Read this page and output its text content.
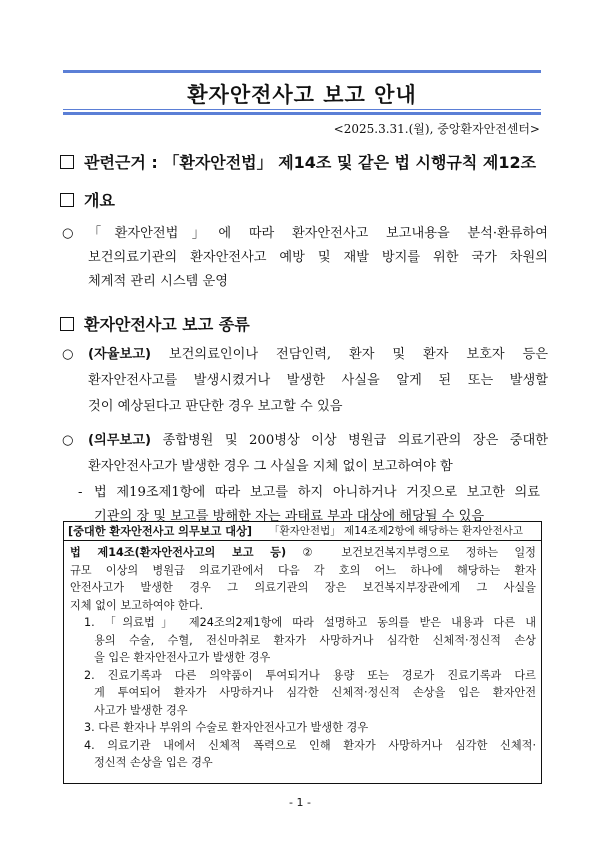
환자안전사고 보고 안내
<2025.3.31.(월), 중앙환자안전센터>
관련근거 : 「환자안전법」 제14조 및 같은 법 시행규칙 제12조
개요
○ 「환자안전법」에 따라 환자안전사고 보고내용을 분석·환류하여
보건의료기관의 환자안전사고 예방 및 재발 방지를 위한 국가 차원의
체계적 관리 시스템 운영
환자안전사고 보고 종류
○ (자율보고) 보건의료인이나 전담인력, 환자 및 환자 보호자 등은
환자안전사고를 발생시켰거나 발생한 사실을 알게 된 또는 발생할
것이 예상된다고 판단한 경우 보고할 수 있음
○ (의무보고) 종합병원 및 200병상 이상 병원급 의료기관의 장은 중대한
환자안전사고가 발생한 경우 그 사실을 지체 없이 보고하여야 함
- 법 제19조제1항에 따라 보고를 하지 아니하거나 거짓으로 보고한 의료
기관의 장 및 보고를 방해한 자는 과태료 부과 대상에 해당될 수 있음
[중대한 환자안전사고 의무보고 대상] 「환자안전법」 제14조제2항에 해당하는 환자안전사고
법 제14조(환자안전사고의 보고 등) ② 보건보건복지부령으로 정하는 일정
규모 이상의 병원급 의료기관에서 다음 각 호의 어느 하나에 해당하는 환자
안전사고가 발생한 경우 그 의료기관의 장은 보건복지부장관에게 그 사실을
지체 없이 보고하여야 한다.
1. 「의료법」 제24조의2제1항에 따라 설명하고 동의를 받은 내용과 다른 내
용의 수술, 수혈, 전신마취로 환자가 사망하거나 심각한 신체적·정신적 손상
을 입은 환자안전사고가 발생한 경우
2. 진료기록과 다른 의약품이 투여되거나 용량 또는 경로가 진료기록과 다르
게 투여되어 환자가 사망하거나 심각한 신체적·정신적 손상을 입은 환자안전
사고가 발생한 경우
3. 다른 환자나 부위의 수술로 환자안전사고가 발생한 경우
4. 의료기관 내에서 신체적 폭력으로 인해 환자가 사망하거나 심각한 신체적·
정신적 손상을 입은 경우
- 1 -
